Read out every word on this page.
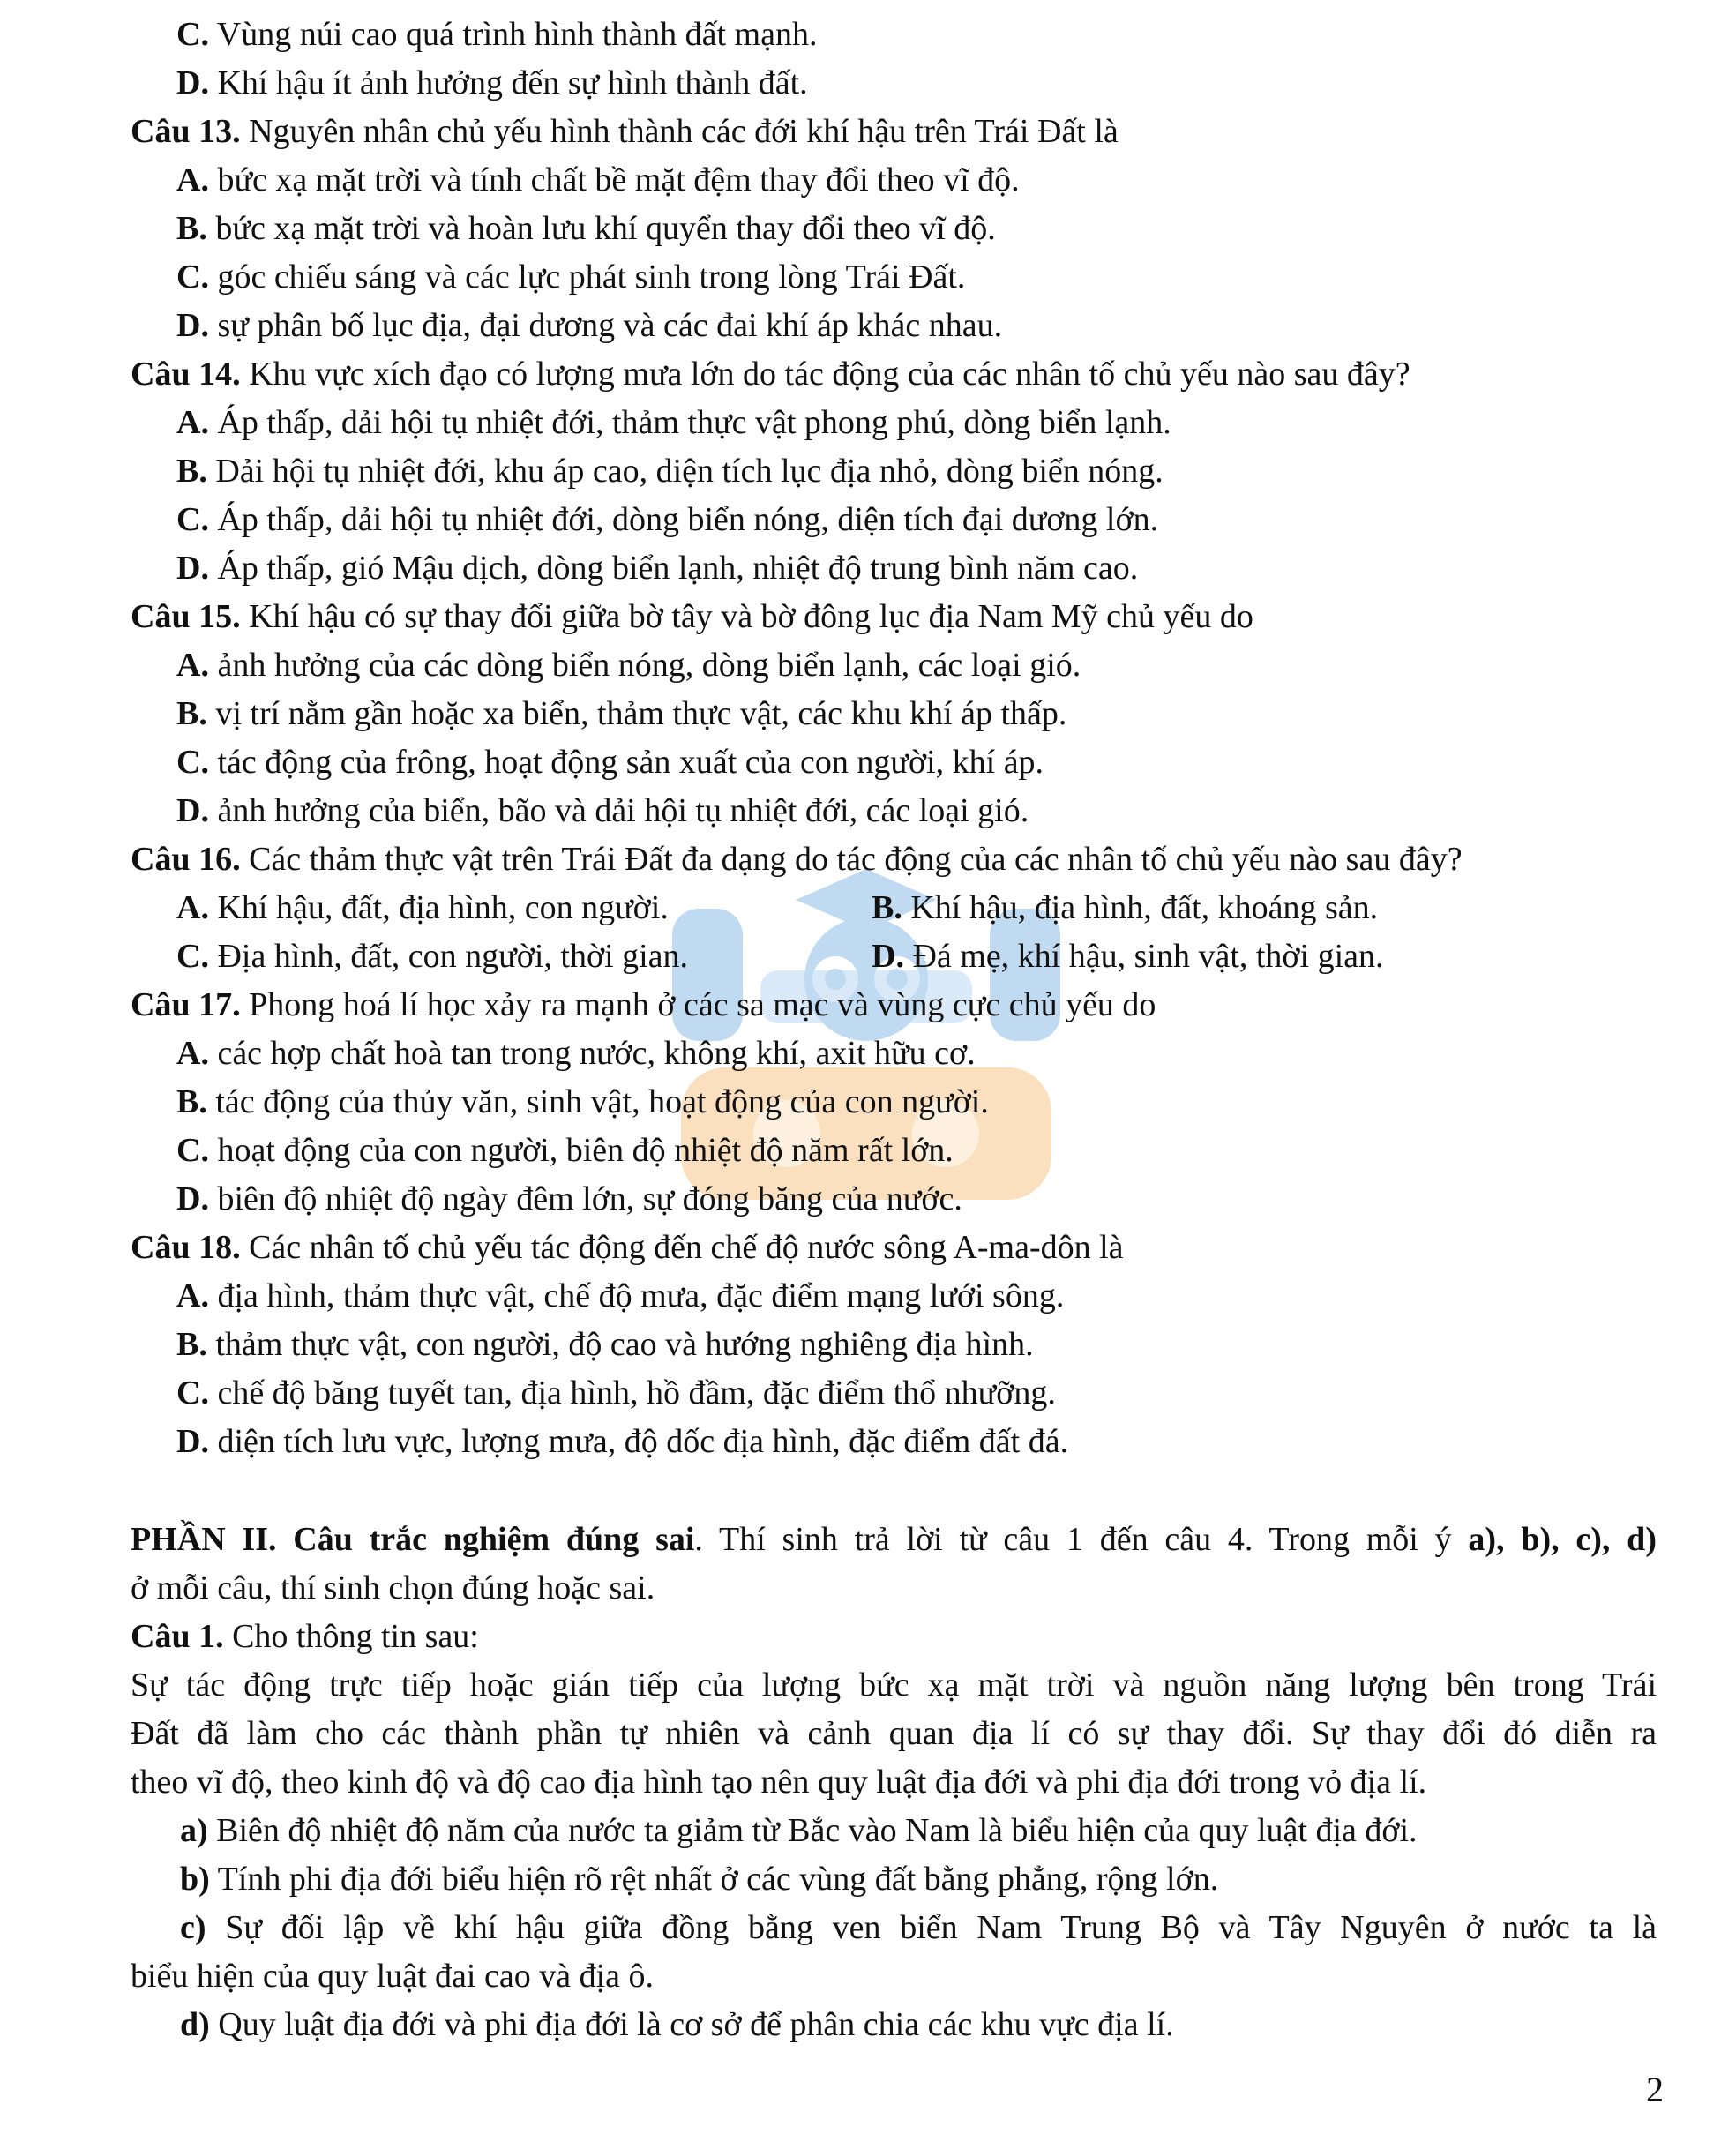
C. Vùng núi cao quá trình hình thành đất mạnh.
D. Khí hậu ít ảnh hưởng đến sự hình thành đất.
Câu 13. Nguyên nhân chủ yếu hình thành các đới khí hậu trên Trái Đất là
A. bức xạ mặt trời và tính chất bề mặt đệm thay đổi theo vĩ độ.
B. bức xạ mặt trời và hoàn lưu khí quyển thay đổi theo vĩ độ.
C. góc chiếu sáng và các lực phát sinh trong lòng Trái Đất.
D. sự phân bố lục địa, đại dương và các đai khí áp khác nhau.
Câu 14. Khu vực xích đạo có lượng mưa lớn do tác động của các nhân tố chủ yếu nào sau đây?
A. Áp thấp, dải hội tụ nhiệt đới, thảm thực vật phong phú, dòng biển lạnh.
B. Dải hội tụ nhiệt đới, khu áp cao, diện tích lục địa nhỏ, dòng biển nóng.
C. Áp thấp, dải hội tụ nhiệt đới, dòng biển nóng, diện tích đại dương lớn.
D. Áp thấp, gió Mậu dịch, dòng biển lạnh, nhiệt độ trung bình năm cao.
Câu 15. Khí hậu có sự thay đổi giữa bờ tây và bờ đông lục địa Nam Mỹ chủ yếu do
A. ảnh hưởng của các dòng biển nóng, dòng biển lạnh, các loại gió.
B. vị trí nằm gần hoặc xa biển, thảm thực vật, các khu khí áp thấp.
C. tác động của frông, hoạt động sản xuất của con người, khí áp.
D. ảnh hưởng của biển, bão và dải hội tụ nhiệt đới, các loại gió.
Câu 16. Các thảm thực vật trên Trái Đất đa dạng do tác động của các nhân tố chủ yếu nào sau đây?
A. Khí hậu, đất, địa hình, con người.	B. Khí hậu, địa hình, đất, khoáng sản.
C. Địa hình, đất, con người, thời gian.	D. Đá mẹ, khí hậu, sinh vật, thời gian.
Câu 17. Phong hoá lí học xảy ra mạnh ở các sa mạc và vùng cực chủ yếu do
A. các hợp chất hoà tan trong nước, không khí, axit hữu cơ.
B. tác động của thủy văn, sinh vật, hoạt động của con người.
C. hoạt động của con người, biên độ nhiệt độ năm rất lớn.
D. biên độ nhiệt độ ngày đêm lớn, sự đóng băng của nước.
Câu 18. Các nhân tố chủ yếu tác động đến chế độ nước sông A-ma-dôn là
A. địa hình, thảm thực vật, chế độ mưa, đặc điểm mạng lưới sông.
B. thảm thực vật, con người, độ cao và hướng nghiêng địa hình.
C. chế độ băng tuyết tan, địa hình, hồ đầm, đặc điểm thổ nhưỡng.
D. diện tích lưu vực, lượng mưa, độ dốc địa hình, đặc điểm đất đá.
PHẦN II. Câu trắc nghiệm đúng sai. Thí sinh trả lời từ câu 1 đến câu 4. Trong mỗi ý a), b), c), d)
ở mỗi câu, thí sinh chọn đúng hoặc sai.
Câu 1. Cho thông tin sau:
Sự tác động trực tiếp hoặc gián tiếp của lượng bức xạ mặt trời và nguồn năng lượng bên trong Trái
Đất đã làm cho các thành phần tự nhiên và cảnh quan địa lí có sự thay đổi. Sự thay đổi đó diễn ra
theo vĩ độ, theo kinh độ và độ cao địa hình tạo nên quy luật địa đới và phi địa đới trong vỏ địa lí.
a) Biên độ nhiệt độ năm của nước ta giảm từ Bắc vào Nam là biểu hiện của quy luật địa đới.
b) Tính phi địa đới biểu hiện rõ rệt nhất ở các vùng đất bằng phẳng, rộng lớn.
c) Sự đối lập về khí hậu giữa đồng bằng ven biển Nam Trung Bộ và Tây Nguyên ở nước ta là
biểu hiện của quy luật đai cao và địa ô.
d) Quy luật địa đới và phi địa đới là cơ sở để phân chia các khu vực địa lí.
2
